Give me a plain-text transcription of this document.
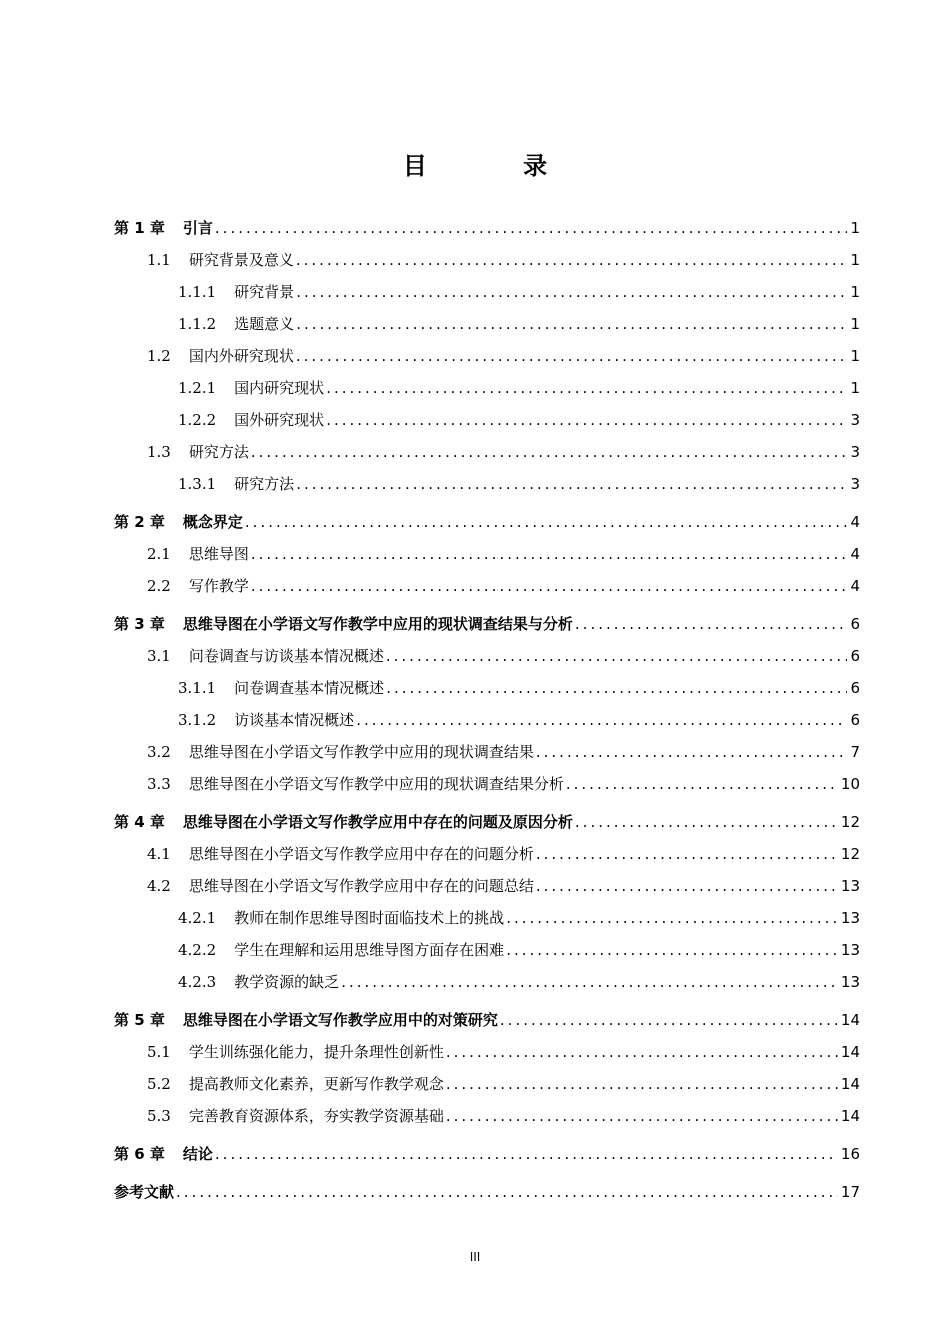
目 录
第 1 章 引言 .....	1
1.1 研究背景及意义 .....	1
1.1.1 研究背景 .....	1
1.1.2 选题意义 .....	1
1.2 国内外研究现状 .....	1
1.2.1 国内研究现状 .....	1
1.2.2 国外研究现状 .....	3
1.3 研究方法 .....	3
1.3.1 研究方法 .....	3
第 2 章 概念界定 .....	4
2.1 思维导图 .....	4
2.2 写作教学 .....	4
第 3 章 思维导图在小学语文写作教学中应用的现状调查结果与分析 .....	6
3.1 问卷调查与访谈基本情况概述 .....	6
3.1.1 问卷调查基本情况概述 .....	6
3.1.2 访谈基本情况概述 .....	6
3.2 思维导图在小学语文写作教学中应用的现状调查结果 .....	7
3.3 思维导图在小学语文写作教学中应用的现状调查结果分析 .....	10
第 4 章 思维导图在小学语文写作教学应用中存在的问题及原因分析 .....	12
4.1 思维导图在小学语文写作教学应用中存在的问题分析 .....	12
4.2 思维导图在小学语文写作教学应用中存在的问题总结 .....	13
4.2.1 教师在制作思维导图时面临技术上的挑战 .....	13
4.2.2 学生在理解和运用思维导图方面存在困难 .....	13
4.2.3 教学资源的缺乏 .....	13
第 5 章 思维导图在小学语文写作教学应用中的对策研究 .....	14
5.1 学生训练强化能力，提升条理性创新性 .....	14
5.2 提高教师文化素养，更新写作教学观念 .....	14
5.3 完善教育资源体系，夯实教学资源基础 .....	14
第 6 章 结论 .....	16
参考文献 .....	17
III
